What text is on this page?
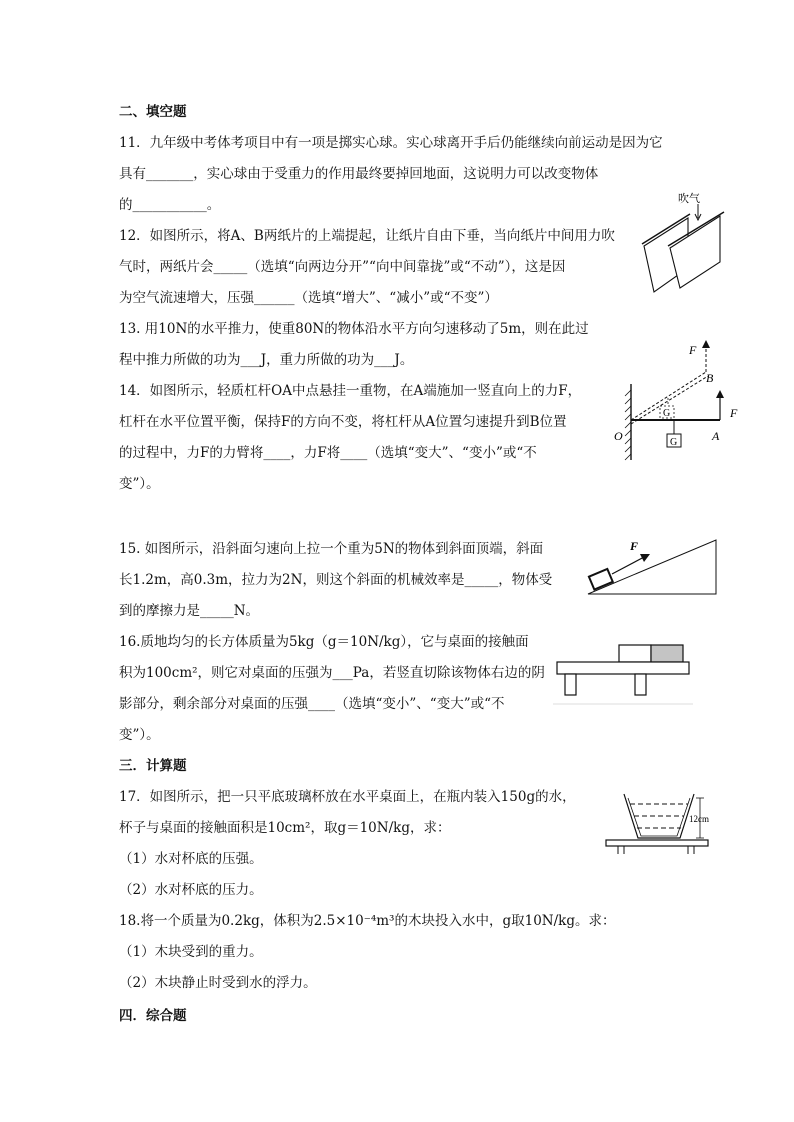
二、填空题
11．九年级中考体考项目中有一项是掷实心球。实心球离开手后仍能继续向前运动是因为它
具有_______，实心球由于受重力的作用最终要掉回地面，这说明力可以改变物体
的___________。
12．如图所示，将A、B两纸片的上端提起，让纸片自由下垂，当向纸片中间用力吹
气时，两纸片会_____（选填“向两边分开”“向中间靠拢”或“不动”），这是因
为空气流速增大，压强______（选填“增大”、“减小”或“不变”）
吹气
13. 用10N的水平推力，使重80N的物体沿水平方向匀速移动了5m，则在此过
程中推力所做的功为___J，重力所做的功为___J。
14．如图所示，轻质杠杆OA中点悬挂一重物，在A端施加一竖直向上的力F，
杠杆在水平位置平衡，保持F的方向不变，将杠杆从A位置匀速提升到B位置
的过程中，力F的力臂将____，力F将____（选填“变大”、“变小”或“不
变”）。
F
B
G	F
G
O	A
15. 如图所示，沿斜面匀速向上拉一个重为5N的物体到斜面顶端，斜面
长1.2m，高0.3m，拉力为2N，则这个斜面的机械效率是_____，物体受
到的摩擦力是_____N。
F
16.质地均匀的长方体质量为5kg（g＝10N/kg），它与桌面的接触面
积为100cm²，则它对桌面的压强为___Pa，若竖直切除该物体右边的阴
影部分，剩余部分对桌面的压强____（选填“变小”、“变大”或“不
变”）。
三．计算题
17．如图所示，把一只平底玻璃杯放在水平桌面上，在瓶内装入150g的水，
杯子与桌面的接触面积是10cm²，取g＝10N/kg，求：
（1）水对杯底的压强。
（2）水对杯底的压力。
12cm
18.将一个质量为0.2kg，体积为2.5×10⁻⁴m³的木块投入水中，g取10N/kg。求：
（1）木块受到的重力。
（2）木块静止时受到水的浮力。
四．综合题
